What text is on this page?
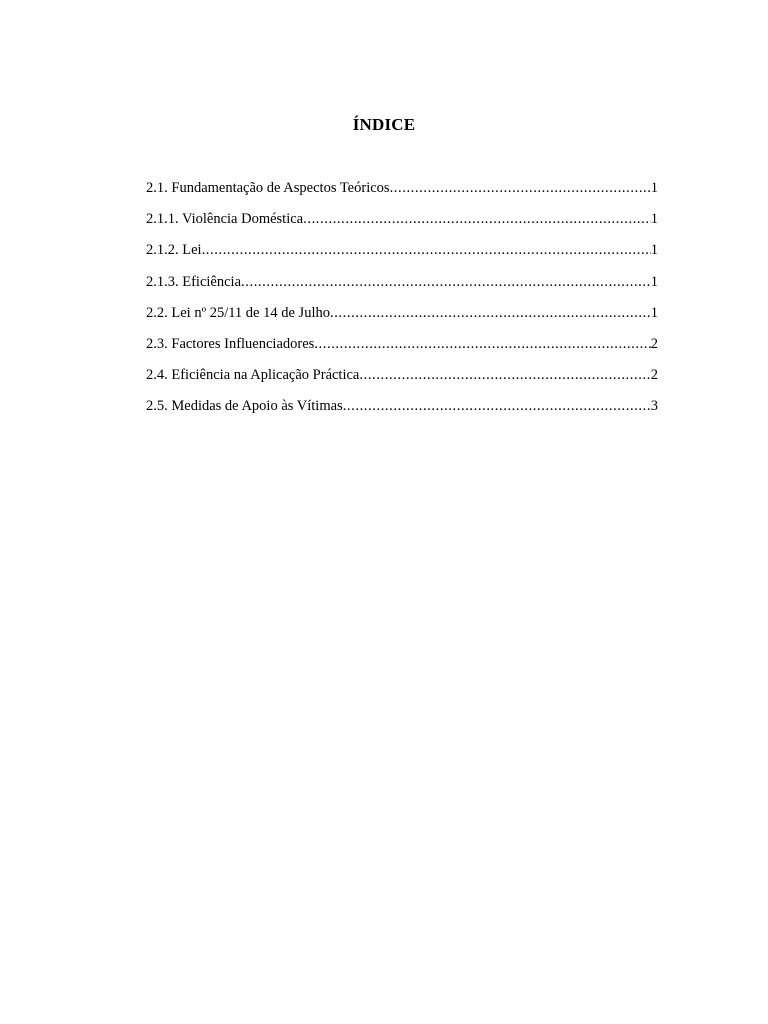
ÍNDICE
2.1. Fundamentação de Aspectos Teóricos .....	1
2.1.1. Violência Doméstica .....	1
2.1.2. Lei .....	1
2.1.3. Eficiência .....	1
2.2. Lei nº 25/11 de 14 de Julho .....	1
2.3. Factores Influenciadores .....	2
2.4. Eficiência na Aplicação Práctica .....	2
2.5. Medidas de Apoio às Vítimas .....	3
